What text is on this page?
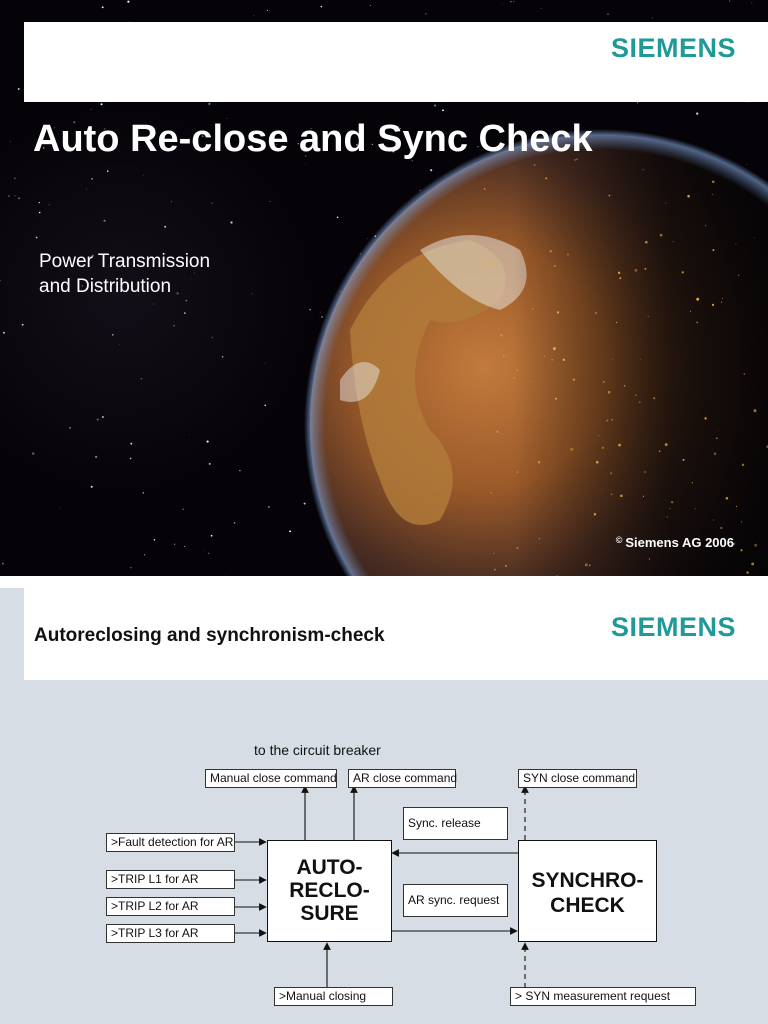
SIEMENS
Auto Re-close and Sync Check
Power Transmission
and Distribution
© Siemens AG 2006
Autoreclosing and synchronism-check	SIEMENS
to the circuit breaker
Manual close command	AR close command	SYN close command
Sync. release
AR sync. request
>Fault detection for AR
>TRIP L1 for AR
>TRIP L2 for AR
>TRIP L3 for AR
AUTO-
RECLO-
SURE
SYNCHRO-
CHECK
>Manual closing	> SYN measurement request
